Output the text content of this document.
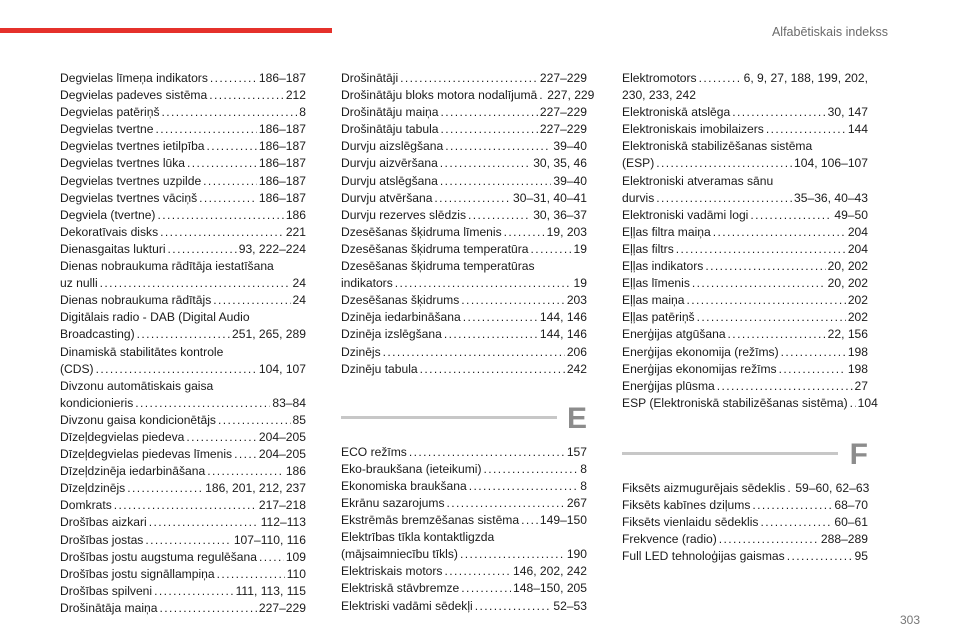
Alfabētiskais indekss
Degvielas līmeņa indikators .....	186–187
Degvielas padeves sistēma .....	212
Degvielas patēriņš .....	8
Degvielas tvertne .....	186–187
Degvielas tvertnes ietilpība .....	186–187
Degvielas tvertnes lūka .....	186–187
Degvielas tvertnes uzpilde .....	186–187
Degvielas tvertnes vāciņš .....	186–187
Degviela (tvertne) .....	186
Dekoratīvais disks .....	221
Dienasgaitas lukturi .....	93, 222–224
Dienas nobraukuma rādītāja iestatīšana
uz nulli .....	24
Dienas nobraukuma rādītājs .....	24
Digitālais radio - DAB (Digital Audio
Broadcasting) .....	251, 265, 289
Dinamiskā stabilitātes kontrole
(CDS) .....	104, 107
Divzonu automātiskais gaisa
kondicionieris .....	83–84
Divzonu gaisa kondicionētājs .....	85
Dīzeļdegvielas piedeva .....	204–205
Dīzeļdegvielas piedevas līmenis ..... 204–205
Dīzeļdzinēja iedarbināšana .....	186
Dīzeļdzinējs .....	186, 201, 212, 237
Domkrats .....	217–218
Drošības aizkari .....	112–113
Drošības jostas .....	107–110, 116
Drošības jostu augstuma regulēšana ..... 109
Drošības jostu signāllampiņa .....	110
Drošības spilveni .....	111, 113, 115
Drošinātāja maiņa .....	227–229
Drošinātāji .....	227–229
Drošinātāju bloks motora nodalījumā ..... 227, 229
Drošinātāju maiņa .....	227–229
Drošinātāju tabula .....	227–229
Durvju aizslēgšana .....	39–40
Durvju aizvēršana .....	30, 35, 46
Durvju atslēgšana .....	39–40
Durvju atvēršana .....	30–31, 40–41
Durvju rezerves slēdzis .....	30, 36–37
Dzesēšanas šķidruma līmenis .....	19, 203
Dzesēšanas šķidruma temperatūra .....	19
Dzesēšanas šķidruma temperatūras
indikators .....	19
Dzesēšanas šķidrums .....	203
Dzinēja iedarbināšana .....	144, 146
Dzinēja izslēgšana .....	144, 146
Dzinējs .....	206
Dzinēju tabula .....	242
E
ECO režīms .....	157
Eko-braukšana (ieteikumi) .....	8
Ekonomiska braukšana .....	8
Ekrānu sazarojums .....	267
Ekstrēmās bremzēšanas sistēma ..... 149–150
Elektrības tīkla kontaktligzda
(mājsaimniecību tīkls) .....	190
Elektriskais motors .....	146, 202, 242
Elektriskā stāvbremze .....	148–150, 205
Elektriski vadāmi sēdekļi .....	52–53
Elektromotors .....	6, 9, 27, 188, 199, 202,
230, 233, 242
Elektroniskā atslēga .....	30, 147
Elektroniskais imobilaizers .....	144
Elektroniskā stabilizēšanas sistēma
(ESP) .....	104, 106–107
Elektroniski atveramas sānu
durvis .....	35–36, 40–43
Elektroniski vadāmi logi .....	49–50
Eļļas filtra maiņa .....	204
Eļļas filtrs .....	204
Eļļas indikators .....	20, 202
Eļļas līmenis .....	20, 202
Eļļas maiņa .....	202
Eļļas patēriņš .....	202
Enerģijas atgūšana .....	22, 156
Enerģijas ekonomija (režīms) .....	198
Enerģijas ekonomijas režīms .....	198
Enerģijas plūsma .....	27
ESP (Elektroniskā stabilizēšanas sistēma) ..... 104
F
Fiksēts aizmugurējais sēdeklis ..... 59–60, 62–63
Fiksēts kabīnes dziļums .....	68–70
Fiksēts vienlaidu sēdeklis .....	60–61
Frekvence (radio) .....	288–289
Full LED tehnoloģijas gaismas .....	95
303
